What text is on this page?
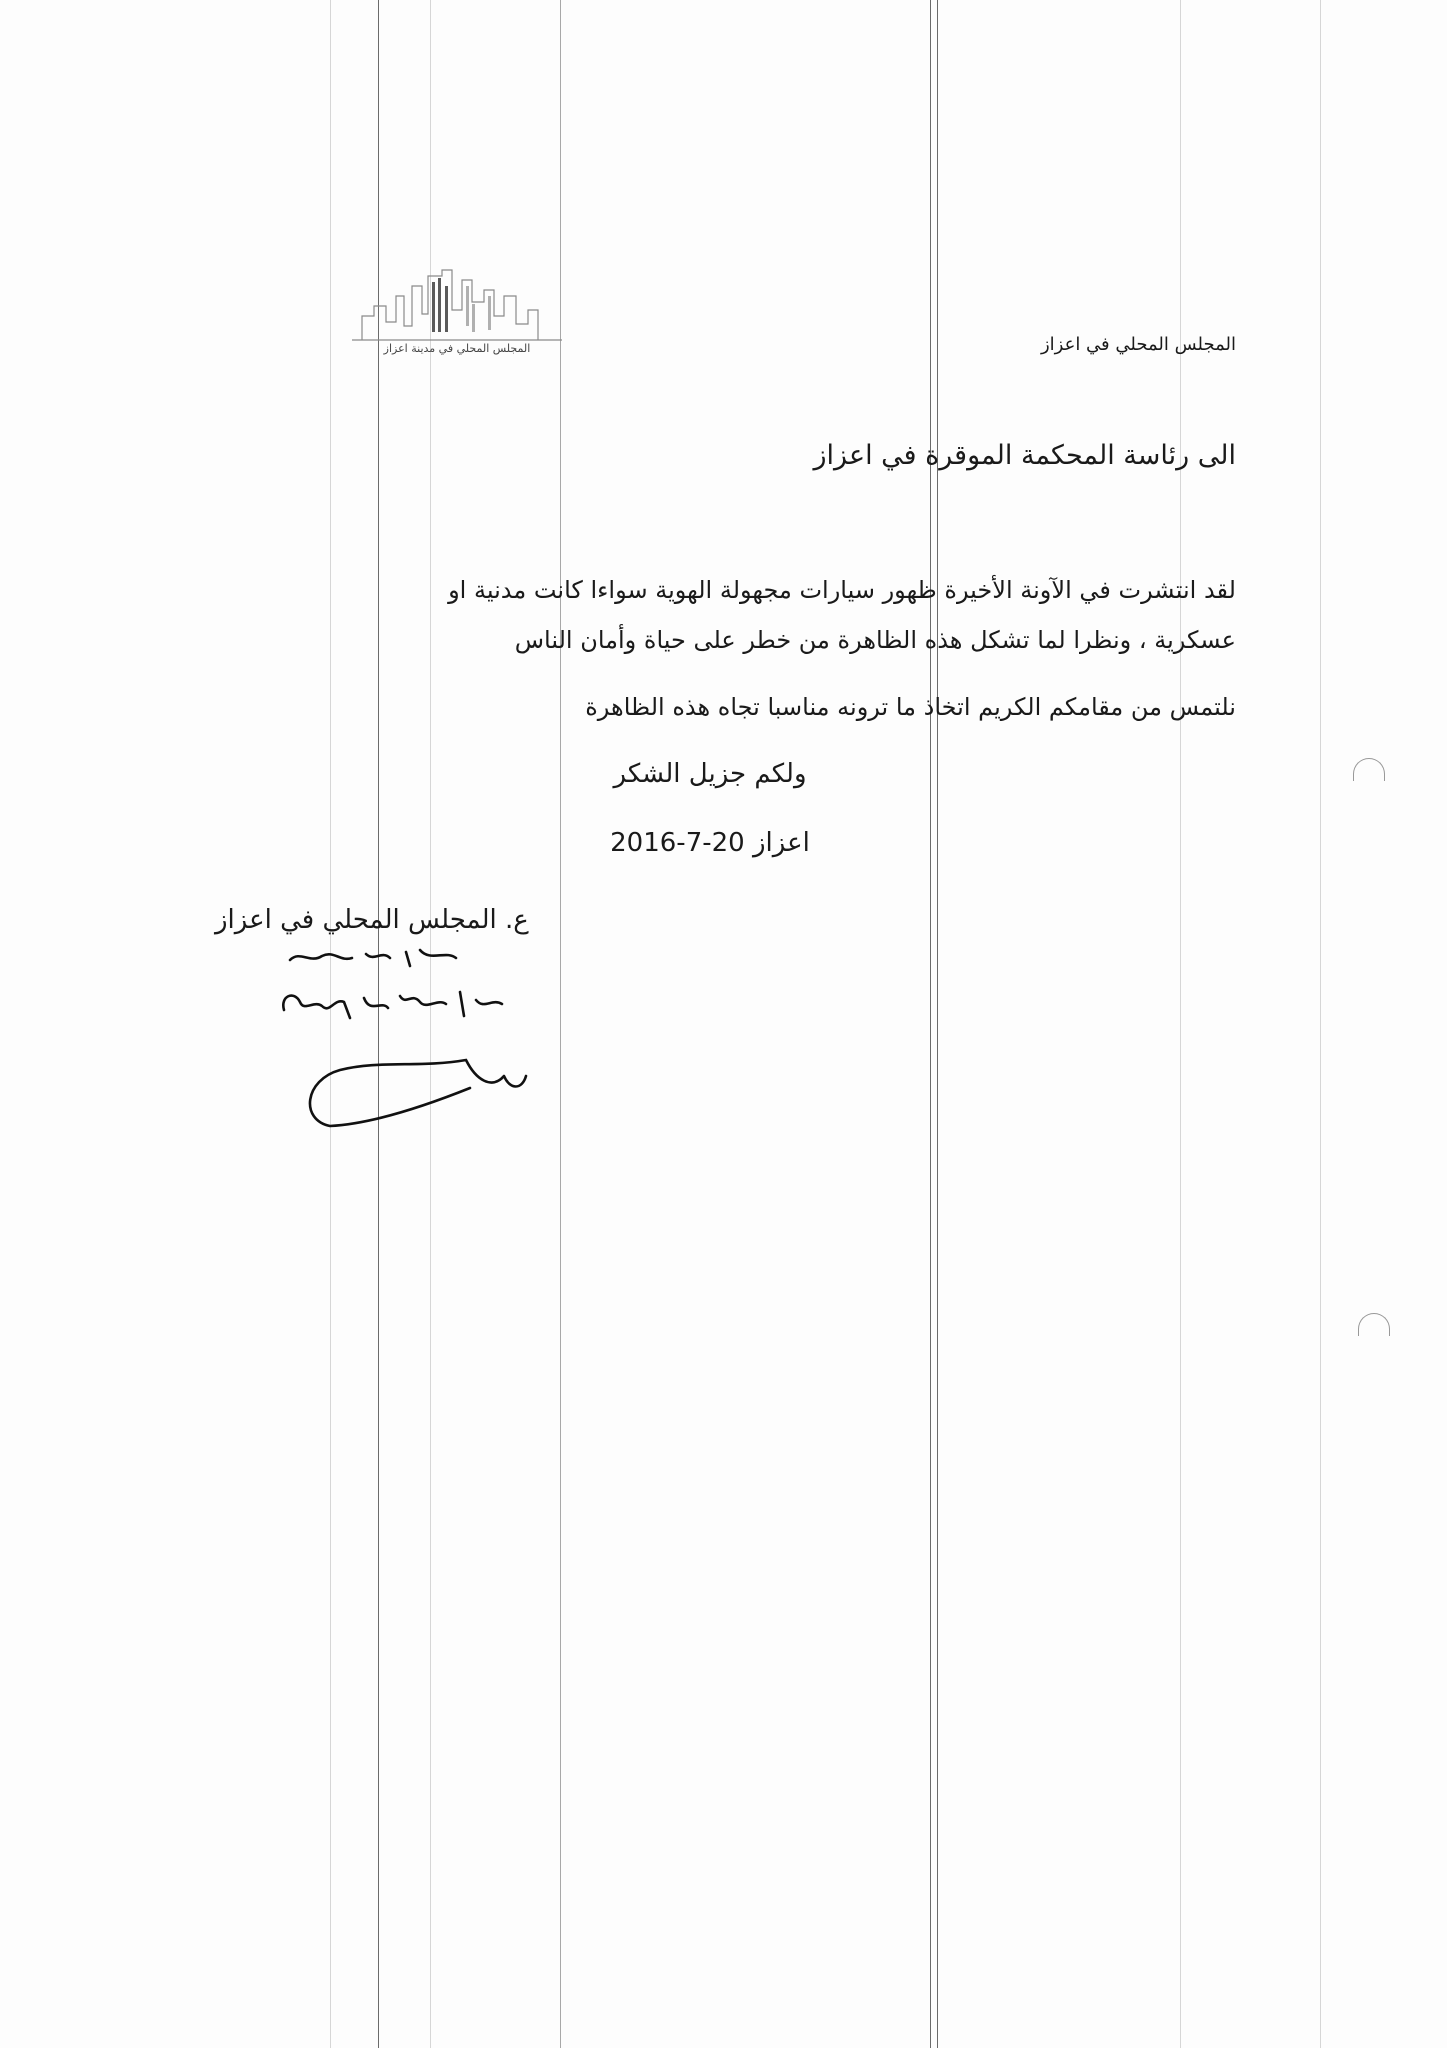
المجلس المحلي في مدينة اعزاز	المجلس المحلي في اعزاز
الى رئاسة المحكمة الموقرة في اعزاز
لقد انتشرت في الآونة الأخيرة ظهور سيارات مجهولة الهوية سواءا كانت مدنية او
عسكرية ، ونظرا لما تشكل هذه الظاهرة من خطر على حياة وأمان الناس
نلتمس من مقامكم الكريم اتخاذ ما ترونه مناسبا تجاه هذه الظاهرة
ولكم جزيل الشكر
اعزاز 20-7-2016
ع. المجلس المحلي في اعزاز
